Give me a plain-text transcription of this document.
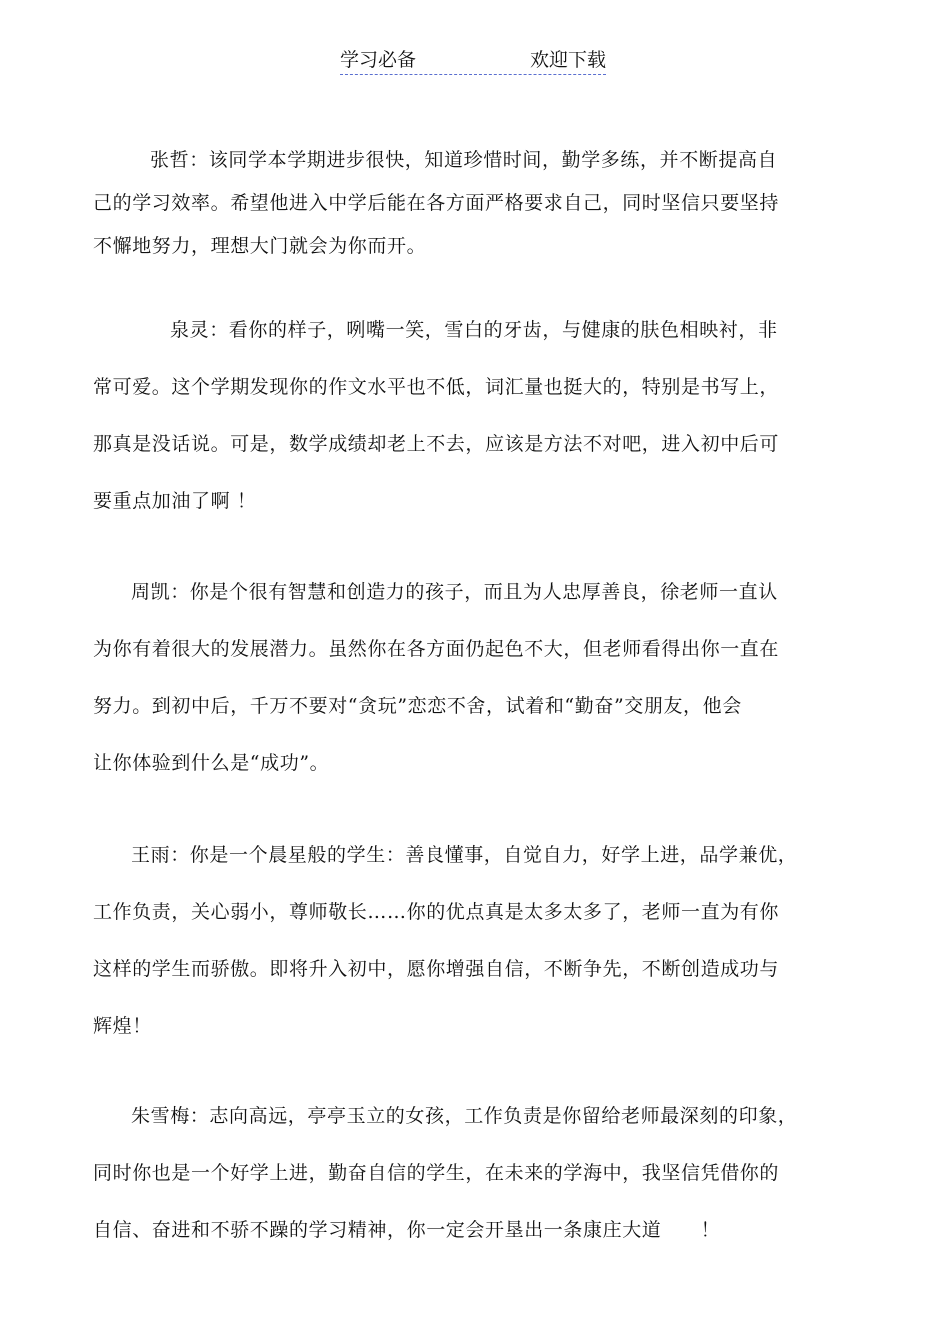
学习必备	欢迎下载
张哲：该同学本学期进步很快，知道珍惜时间，勤学多练，并不断提高自
己的学习效率。希望他进入中学后能在各方面严格要求自己，同时坚信只要坚持
不懈地努力，理想大门就会为你而开。
泉灵：看你的样子，咧嘴一笑，雪白的牙齿，与健康的肤色相映衬，非
常可爱。这个学期发现你的作文水平也不低，词汇量也挺大的，特别是书写上，
那真是没话说。可是，数学成绩却老上不去，应该是方法不对吧，进入初中后可
要重点加油了啊 ！
周凯：你是个很有智慧和创造力的孩子，而且为人忠厚善良，徐老师一直认
为你有着很大的发展潜力。虽然你在各方面仍起色不大，但老师看得出你一直在
努力。到初中后，千万不要对“贪玩”恋恋不舍，试着和“勤奋”交朋友，他会
让你体验到什么是“成功”。
王雨：你是一个晨星般的学生：善良懂事，自觉自力，好学上进，品学兼优，
工作负责，关心弱小，尊师敬长……你的优点真是太多太多了，老师一直为有你
这样的学生而骄傲。即将升入初中，愿你增强自信，不断争先，不断创造成功与
辉煌！
朱雪梅：志向高远，亭亭玉立的女孩，工作负责是你留给老师最深刻的印象，
同时你也是一个好学上进，勤奋自信的学生，在未来的学海中，我坚信凭借你的
自信、奋进和不骄不躁的学习精神，你一定会开垦出一条康庄大道　　！
